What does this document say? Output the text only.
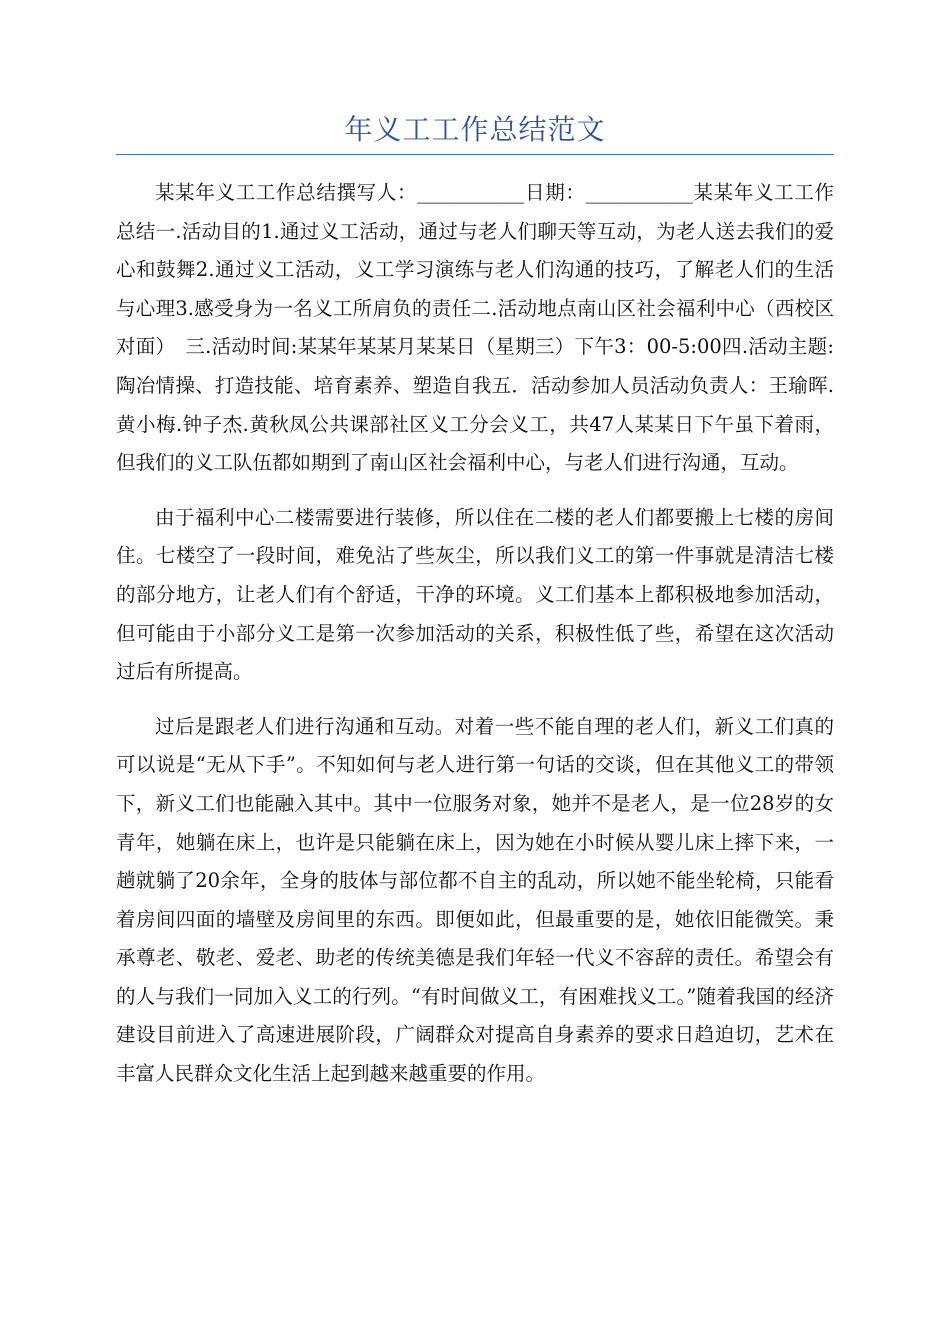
年义工工作总结范文

某某年义工工作总结撰写人：___________日期：___________某某年义工工作总结一.活动目的1.通过义工活动，通过与老人们聊天等互动，为老人送去我们的爱心和鼓舞2.通过义工活动，义工学习演练与老人们沟通的技巧，了解老人们的生活与心理3.感受身为一名义工所肩负的责任二.活动地点南山区社会福利中心（西校区对面）　三.活动时间:某某年某某月某某日（星期三）下午3：00-5:00四.活动主题:陶冶情操、打造技能、培育素养、塑造自我五．活动参加人员活动负责人：王瑜晖.黄小梅.钟子杰.黄秋凤公共课部社区义工分会义工，共47人某某日下午虽下着雨，但我们的义工队伍都如期到了南山区社会福利中心，与老人们进行沟通，互动。

由于福利中心二楼需要进行装修，所以住在二楼的老人们都要搬上七楼的房间住。七楼空了一段时间，难免沾了些灰尘，所以我们义工的第一件事就是清洁七楼的部分地方，让老人们有个舒适，干净的环境。义工们基本上都积极地参加活动，但可能由于小部分义工是第一次参加活动的关系，积极性低了些，希望在这次活动过后有所提高。

过后是跟老人们进行沟通和互动。对着一些不能自理的老人们，新义工们真的可以说是“无从下手”。不知如何与老人进行第一句话的交谈，但在其他义工的带领下，新义工们也能融入其中。其中一位服务对象，她并不是老人，是一位28岁的女青年，她躺在床上，也许是只能躺在床上，因为她在小时候从婴儿床上摔下来，一趟就躺了20余年，全身的肢体与部位都不自主的乱动，所以她不能坐轮椅，只能看着房间四面的墙壁及房间里的东西。即便如此，但最重要的是，她依旧能微笑。秉承尊老、敬老、爱老、助老的传统美德是我们年轻一代义不容辞的责任。希望会有的人与我们一同加入义工的行列。“有时间做义工，有困难找义工。”随着我国的经济建设目前进入了高速进展阶段，广阔群众对提高自身素养的要求日趋迫切，艺术在丰富人民群众文化生活上起到越来越重要的作用。
